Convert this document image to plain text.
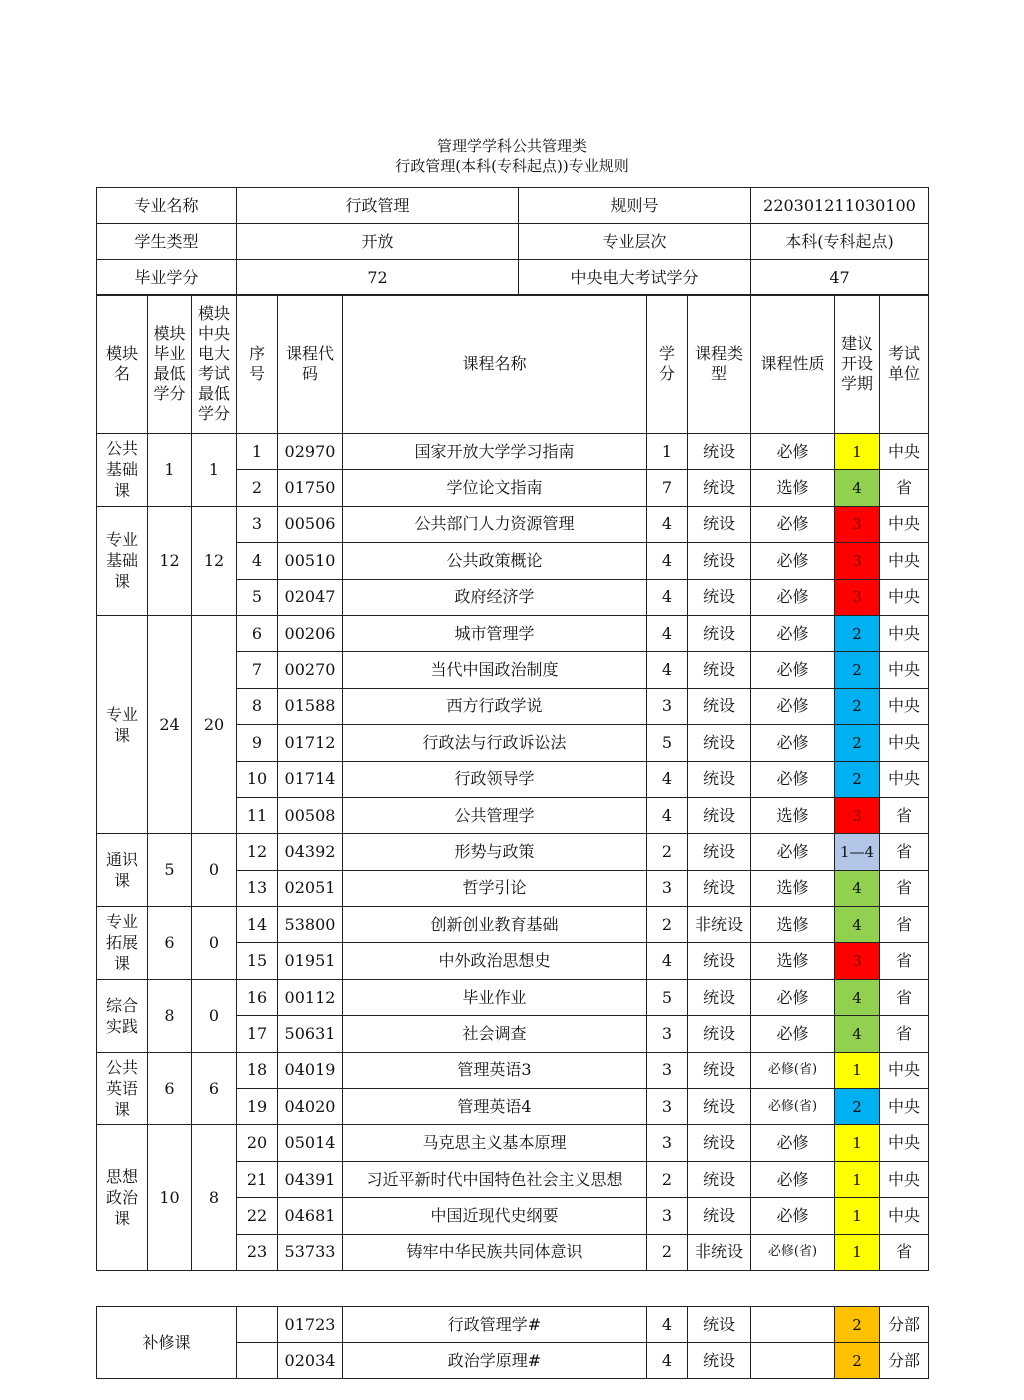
管理学学科公共管理类
行政管理(本科(专科起点))专业规则
专业名称	行政管理	规则号	220301211030100
学生类型	开放	专业层次	本科(专科起点)
毕业学分	72	中央电大考试学分	47
模块名	模块毕业最低学分	模块中央电大考试最低学分	序号	课程代码	课程名称	学分	课程类型	课程性质	建议开设学期	考试单位
公共基础课	1	1	1	02970	国家开放大学学习指南	1	统设	必修	1	中央
			2	01750	学位论文指南	7	统设	选修	4	省
专业基础课	12	12	3	00506	公共部门人力资源管理	4	统设	必修	3	中央
			4	00510	公共政策概论	4	统设	必修	3	中央
			5	02047	政府经济学	4	统设	必修	3	中央
专业课	24	20	6	00206	城市管理学	4	统设	必修	2	中央
			7	00270	当代中国政治制度	4	统设	必修	2	中央
			8	01588	西方行政学说	3	统设	必修	2	中央
			9	01712	行政法与行政诉讼法	5	统设	必修	2	中央
			10	01714	行政领导学	4	统设	必修	2	中央
			11	00508	公共管理学	4	统设	选修	3	省
通识课	5	0	12	04392	形势与政策	2	统设	必修	1—4	省
			13	02051	哲学引论	3	统设	选修	4	省
专业拓展课	6	0	14	53800	创新创业教育基础	2	非统设	选修	4	省
			15	01951	中外政治思想史	4	统设	选修	3	省
综合实践	8	0	16	00112	毕业作业	5	统设	必修	4	省
			17	50631	社会调查	3	统设	必修	4	省
公共英语课	6	6	18	04019	管理英语3	3	统设	必修(省)	1	中央
			19	04020	管理英语4	3	统设	必修(省)	2	中央
思想政治课	10	8	20	05014	马克思主义基本原理	3	统设	必修	1	中央
			21	04391	习近平新时代中国特色社会主义思想	2	统设	必修	1	中央
			22	04681	中国近现代史纲要	3	统设	必修	1	中央
			23	53733	铸牢中华民族共同体意识	2	非统设	必修(省)	1	省
补修课		01723	行政管理学#	4	统设		2	分部
		02034	政治学原理#	4	统设		2	分部
